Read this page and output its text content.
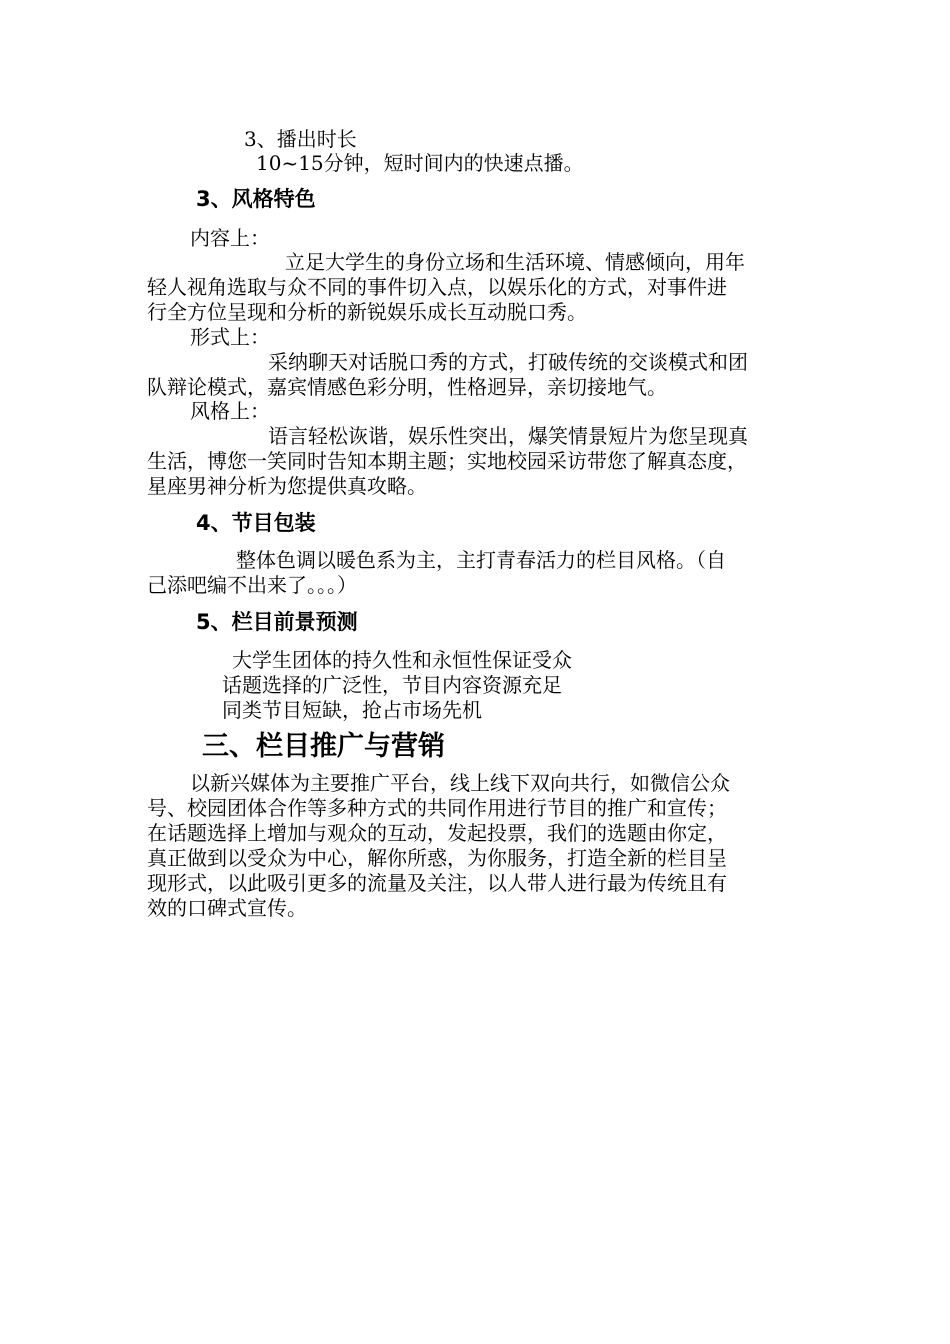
3、播出时长
10~15分钟，短时间内的快速点播。
3、风格特色
内容上：
立足大学生的身份立场和生活环境、情感倾向，用年
轻人视角选取与众不同的事件切入点，以娱乐化的方式，对事件进
行全方位呈现和分析的新锐娱乐成长互动脱口秀。
形式上：
采纳聊天对话脱口秀的方式，打破传统的交谈模式和团
队辩论模式，嘉宾情感色彩分明，性格迥异，亲切接地气。
风格上：
语言轻松诙谐，娱乐性突出，爆笑情景短片为您呈现真
生活，博您一笑同时告知本期主题；实地校园采访带您了解真态度，
星座男神分析为您提供真攻略。
4、节目包装
整体色调以暖色系为主，主打青春活力的栏目风格。（自
己添吧编不出来了。。。）
5、栏目前景预测
大学生团体的持久性和永恒性保证受众
话题选择的广泛性，节目内容资源充足
同类节目短缺，抢占市场先机
三、栏目推广与营销
以新兴媒体为主要推广平台，线上线下双向共行，如微信公众
号、校园团体合作等多种方式的共同作用进行节目的推广和宣传；
在话题选择上增加与观众的互动，发起投票，我们的选题由你定，
真正做到以受众为中心，解你所惑，为你服务，打造全新的栏目呈
现形式，以此吸引更多的流量及关注，以人带人进行最为传统且有
效的口碑式宣传。
